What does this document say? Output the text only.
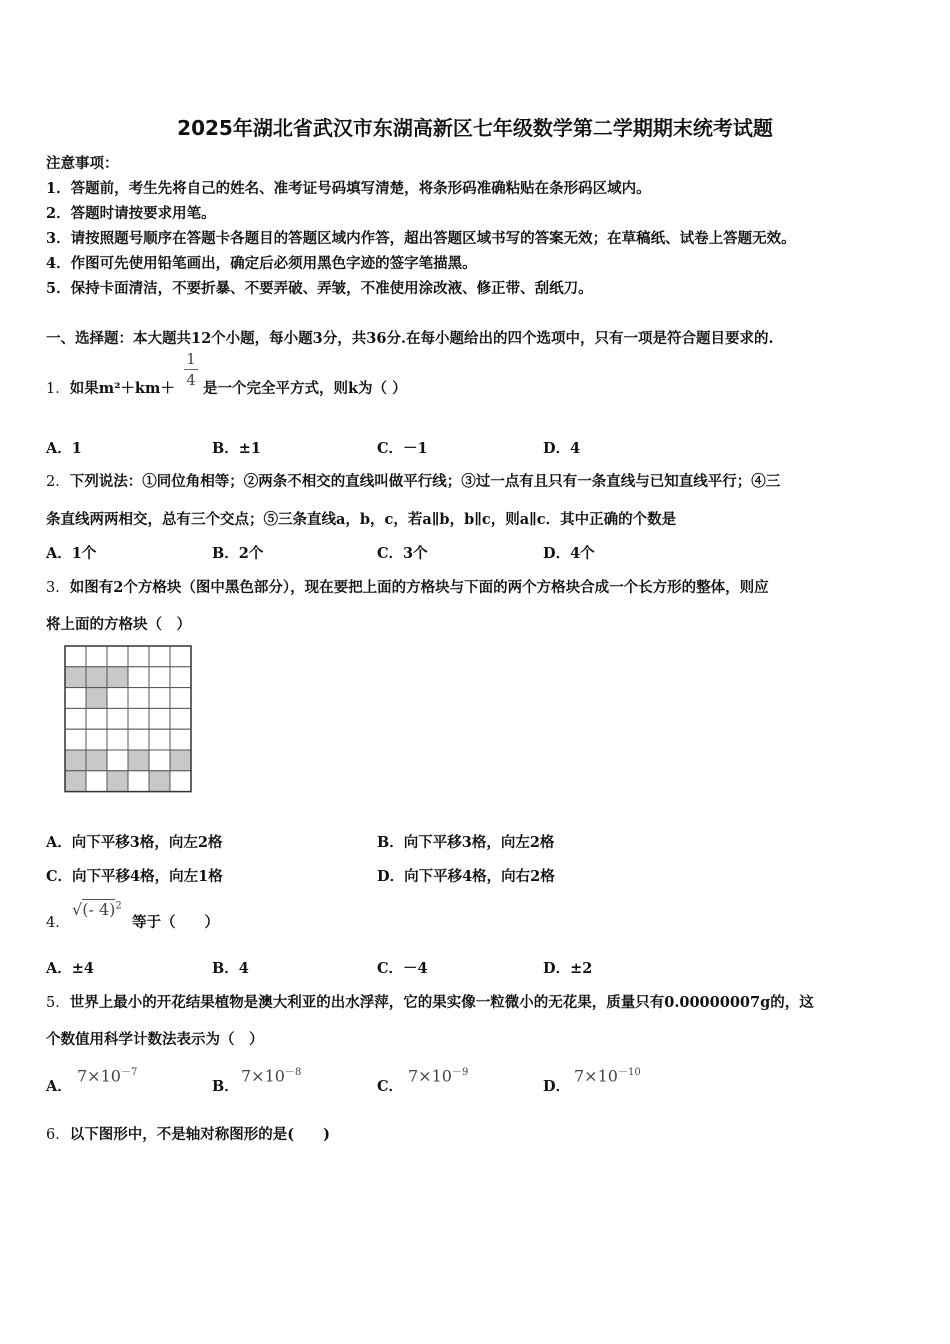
2025年湖北省武汉市东湖高新区七年级数学第二学期期末统考试题
注意事项：
1．答题前，考生先将自己的姓名、准考证号码填写清楚，将条形码准确粘贴在条形码区域内。
2．答题时请按要求用笔。
3．请按照题号顺序在答题卡各题目的答题区域内作答，超出答题区域书写的答案无效；在草稿纸、试卷上答题无效。
4．作图可先使用铅笔画出，确定后必须用黑色字迹的签字笔描黑。
5．保持卡面清洁，不要折暴、不要弄破、弄皱，不准使用涂改液、修正带、刮纸刀。
一、选择题：本大题共12个小题，每小题3分，共36分.在每小题给出的四个选项中，只有一项是符合题目要求的.
1．如果m²＋km＋
1
4 是一个完全平方式，则k为（ ）
A．1	B．±1	C．－1	D．4
2．下列说法：①同位角相等；②两条不相交的直线叫做平行线；③过一点有且只有一条直线与已知直线平行；④三
条直线两两相交，总有三个交点；⑤三条直线a，b，c，若a∥b，b∥c，则a∥c．其中正确的个数是
A．1个	B．2个	C．3个	D．4个
3．如图有2个方格块（图中黑色部分），现在要把上面的方格块与下面的两个方格块合成一个长方形的整体，则应
将上面的方格块（　）
A．向下平移3格，向左2格	B．向下平移3格，向左2格
C．向下平移4格，向左1格	D．向下平移4格，向右2格
4．
√(- 4)$^2$
等于（　　）
A．±4	B．4	C．－4	D．±2
5．世界上最小的开花结果植物是澳大利亚的出水浮萍，它的果实像一粒微小的无花果，质量只有0.00000007g的，这
个数值用科学计数法表示为（　）
A．
$7\times 10^{-7}$
B．
$7\times 10^{-8}$
C．
$7\times 10^{-9}$
D．
$7\times 10^{-10}$
6．以下图形中，不是轴对称图形的是(　　)
